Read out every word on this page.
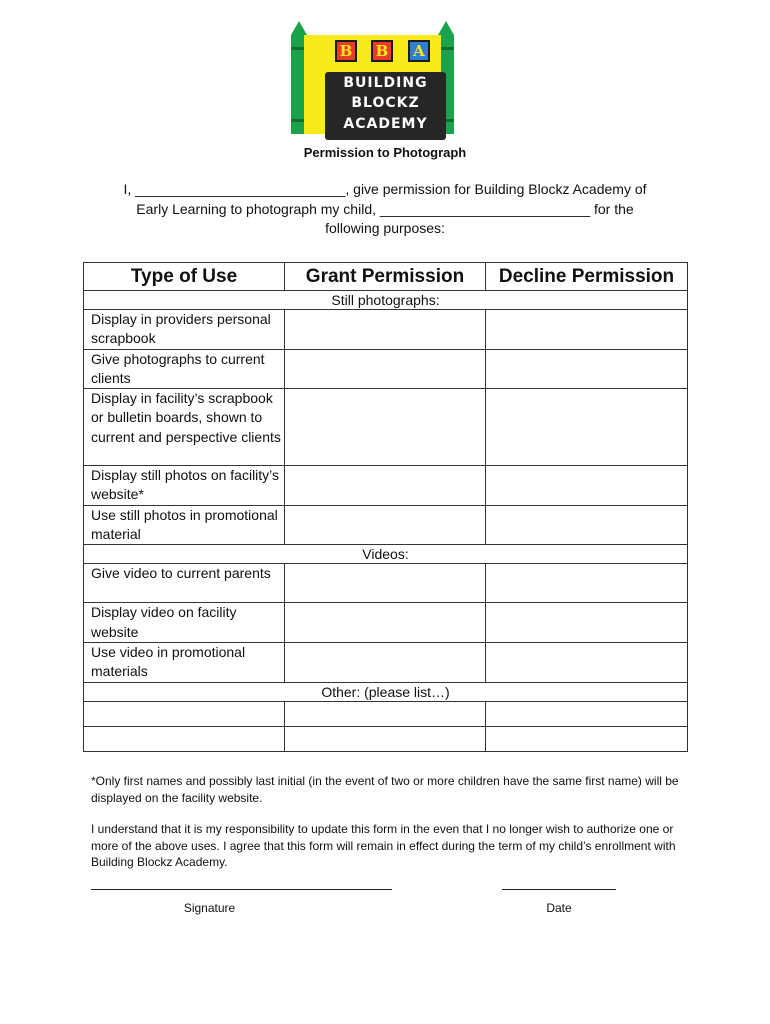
B	B	A
BUILDING
BLOCKZ
ACADEMY
Permission to Photograph
I, ___________________________, give permission for Building Blockz Academy of
Early Learning to photograph my child, ___________________________ for the
following purposes:
Type of Use	Grant Permission	Decline Permission
Still photographs:		
Display in providers personal scrapbook		
Give photographs to current clients		
Display in facility’s scrapbook or bulletin boards, shown to current and perspective clients		
Display still photos on facility’s website*		
Use still photos in promotional material		
Videos:		
Give video to current parents		
Display video on facility website		
Use video in promotional materials		
Other: (please list…)		

*Only first names and possibly last initial (in the event of two or more children have the same first name) will be displayed on the facility website.
I understand that it is my responsibility to update this form in the even that I no longer wish to authorize one or more of the above uses. I agree that this form will remain in effect during the term of my child’s enrollment with Building Blockz Academy.
Signature	Date
